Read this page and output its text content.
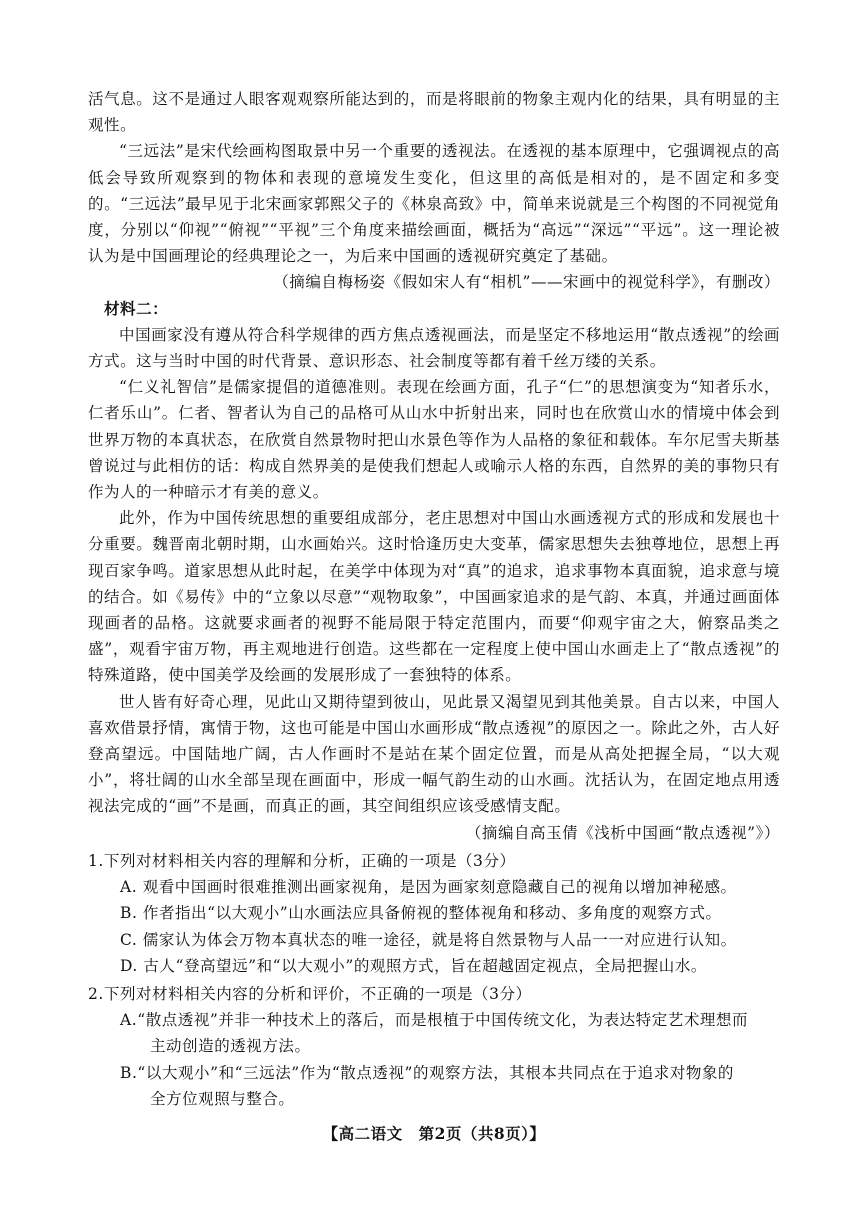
活气息。这不是通过人眼客观观察所能达到的，而是将眼前的物象主观内化的结果，具有明显的主观性。

“三远法”是宋代绘画构图取景中另一个重要的透视法。在透视的基本原理中，它强调视点的高低会导致所观察到的物体和表现的意境发生变化，但这里的高低是相对的，是不固定和多变的。“三远法”最早见于北宋画家郭熙父子的《林泉高致》中，简单来说就是三个构图的不同视觉角度，分别以“仰视”“俯视”“平视”三个角度来描绘画面，概括为“高远”“深远”“平远”。这一理论被认为是中国画理论的经典理论之一，为后来中国画的透视研究奠定了基础。

（摘编自梅杨姿《假如宋人有“相机”——宋画中的视觉科学》，有删改）

材料二：

中国画家没有遵从符合科学规律的西方焦点透视画法，而是坚定不移地运用“散点透视”的绘画方式。这与当时中国的时代背景、意识形态、社会制度等都有着千丝万缕的关系。

“仁义礼智信”是儒家提倡的道德准则。表现在绘画方面，孔子“仁”的思想演变为“知者乐水，仁者乐山”。仁者、智者认为自己的品格可从山水中折射出来，同时也在欣赏山水的情境中体会到世界万物的本真状态，在欣赏自然景物时把山水景色等作为人品格的象征和载体。车尔尼雪夫斯基曾说过与此相仿的话：构成自然界美的是使我们想起人或喻示人格的东西，自然界的美的事物只有作为人的一种暗示才有美的意义。

此外，作为中国传统思想的重要组成部分，老庄思想对中国山水画透视方式的形成和发展也十分重要。魏晋南北朝时期，山水画始兴。这时恰逢历史大变革，儒家思想失去独尊地位，思想上再现百家争鸣。道家思想从此时起，在美学中体现为对“真”的追求，追求事物本真面貌，追求意与境的结合。如《易传》中的“立象以尽意”“观物取象”，中国画家追求的是气韵、本真，并通过画面体现画者的品格。这就要求画者的视野不能局限于特定范围内，而要“仰观宇宙之大，俯察品类之盛”，观看宇宙万物，再主观地进行创造。这些都在一定程度上使中国山水画走上了“散点透视”的特殊道路，使中国美学及绘画的发展形成了一套独特的体系。

世人皆有好奇心理，见此山又期待望到彼山，见此景又渴望见到其他美景。自古以来，中国人喜欢借景抒情，寓情于物，这也可能是中国山水画形成“散点透视”的原因之一。除此之外，古人好登高望远。中国陆地广阔，古人作画时不是站在某个固定位置，而是从高处把握全局，“以大观小”，将壮阔的山水全部呈现在画面中，形成一幅气韵生动的山水画。沈括认为，在固定地点用透视法完成的“画”不是画，而真正的画，其空间组织应该受感情支配。

（摘编自高玉倩《浅析中国画“散点透视”》）

1.下列对材料相关内容的理解和分析，正确的一项是（3分）

A. 观看中国画时很难推测出画家视角，是因为画家刻意隐藏自己的视角以增加神秘感。

B. 作者指出“以大观小”山水画法应具备俯视的整体视角和移动、多角度的观察方式。

C. 儒家认为体会万物本真状态的唯一途径，就是将自然景物与人品一一对应进行认知。

D. 古人“登高望远”和“以大观小”的观照方式，旨在超越固定视点，全局把握山水。

2.下列对材料相关内容的分析和评价，不正确的一项是（3分）

A.“散点透视”并非一种技术上的落后，而是根植于中国传统文化，为表达特定艺术理想而

主动创造的透视方法。

B.“以大观小”和“三远法”作为“散点透视”的观察方法，其根本共同点在于追求对物象的

全方位观照与整合。

【高二语文　第2页（共8页）】
